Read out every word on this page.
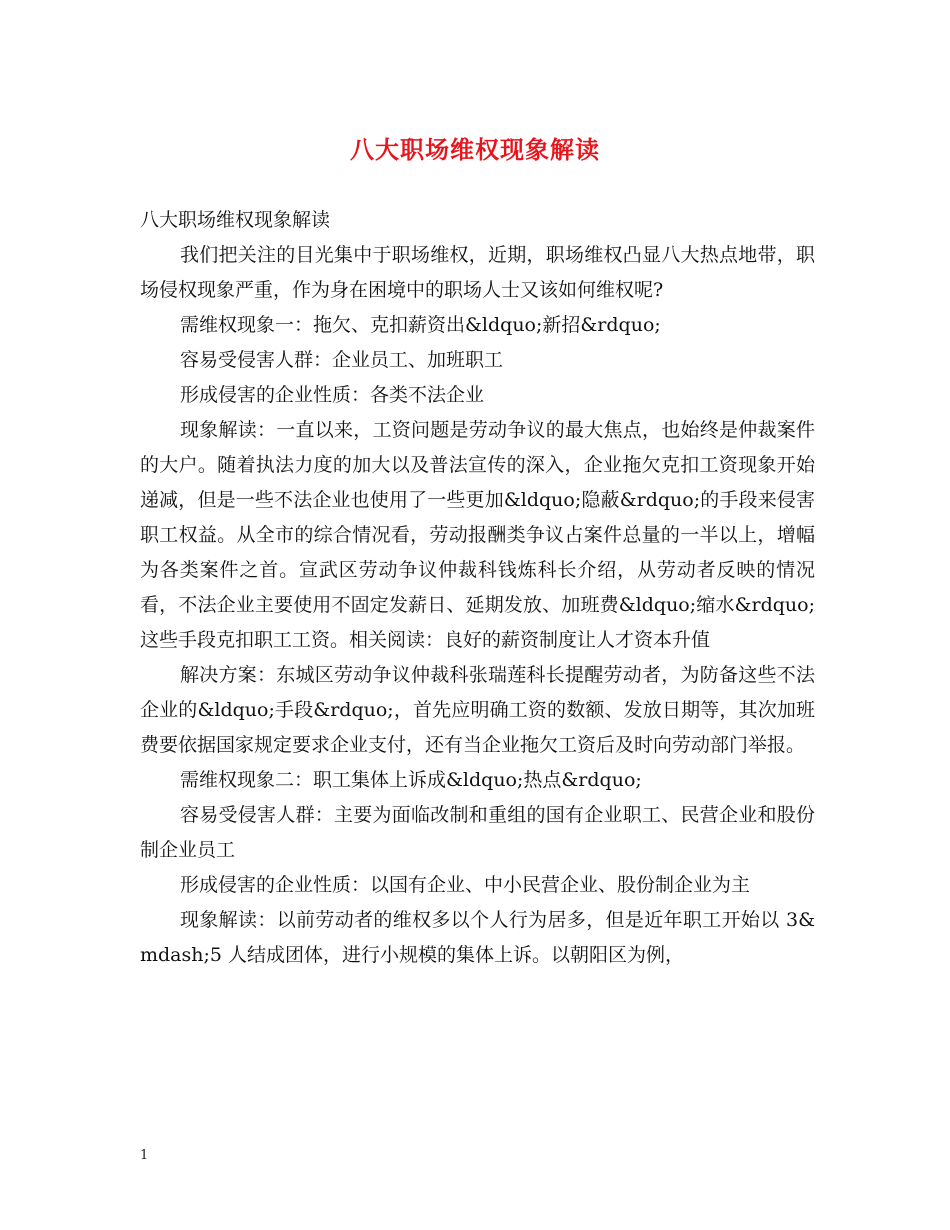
八大职场维权现象解读

八大职场维权现象解读

我们把关注的目光集中于职场维权，近期，职场维权凸显八大热点地带，职场侵权现象严重，作为身在困境中的职场人士又该如何维权呢?

需维权现象一：拖欠、克扣薪资出&ldquo;新招&rdquo;

容易受侵害人群：企业员工、加班职工

形成侵害的企业性质：各类不法企业

现象解读：一直以来，工资问题是劳动争议的最大焦点，也始终是仲裁案件的大户。随着执法力度的加大以及普法宣传的深入，企业拖欠克扣工资现象开始递减，但是一些不法企业也使用了一些更加&ldquo;隐蔽&rdquo;的手段来侵害职工权益。从全市的综合情况看，劳动报酬类争议占案件总量的一半以上，增幅为各类案件之首。宣武区劳动争议仲裁科钱炼科长介绍，从劳动者反映的情况看，不法企业主要使用不固定发薪日、延期发放、加班费&ldquo;缩水&rdquo;这些手段克扣职工工资。相关阅读：良好的薪资制度让人才资本升值

解决方案：东城区劳动争议仲裁科张瑞莲科长提醒劳动者，为防备这些不法企业的&ldquo;手段&rdquo;，首先应明确工资的数额、发放日期等，其次加班费要依据国家规定要求企业支付，还有当企业拖欠工资后及时向劳动部门举报。

需维权现象二：职工集体上诉成&ldquo;热点&rdquo;

容易受侵害人群：主要为面临改制和重组的国有企业职工、民营企业和股份制企业员工

形成侵害的企业性质：以国有企业、中小民营企业、股份制企业为主

现象解读：以前劳动者的维权多以个人行为居多，但是近年职工开始以 3&mdash;5 人结成团体，进行小规模的集体上诉。以朝阳区为例，

1
